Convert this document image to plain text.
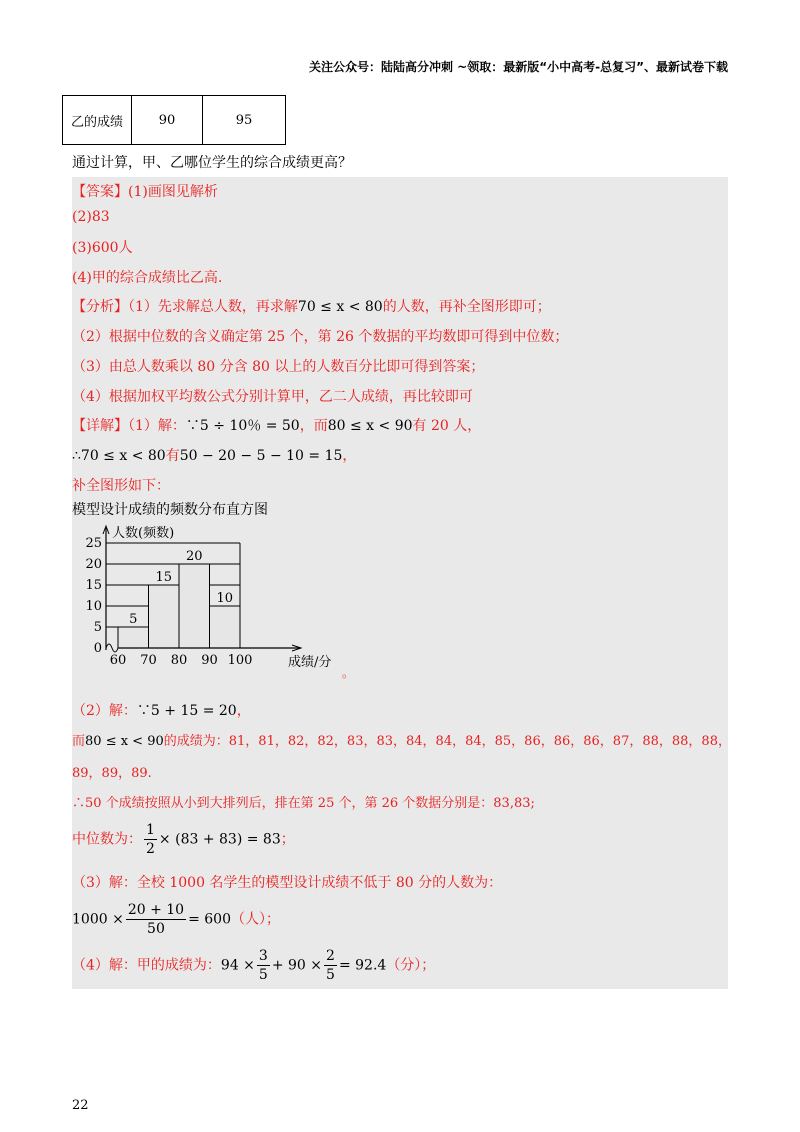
关注公众号：陆陆高分冲刺 ~领取：最新版“小中高考-总复习”、最新试卷下载
乙的成绩	90	95
通过计算，甲、乙哪位学生的综合成绩更高？
【答案】(1)画图见解析
(2)83
(3)600人
(4)甲的综合成绩比乙高.
【分析】（1）先求解总人数，再求解70 ≤ x < 80的人数，再补全图形即可；
（2）根据中位数的含义确定第 25 个，第 26 个数据的平均数即可得到中位数；
（3）由总人数乘以 80 分含 80 以上的人数百分比即可得到答案；
（4）根据加权平均数公式分别计算甲，乙二人成绩，再比较即可
【详解】（1）解：∵5 ÷ 10％ = 50，而80 ≤ x < 90有 20 人，
∴70 ≤ x < 80有50 − 20 − 5 − 10 = 15，
补全图形如下：
模型设计成绩的频数分布直方图
0
5
10
15
20
25
5
15
20
10
60 70 80 90 100
人数(频数)
成绩/分
。
（2）解：∵5 + 15 = 20，
而80 ≤ x < 90的成绩为：81，81，82，82，83，83，84，84，84，85，86，86，86，87，88，88，88，
89，89，89.
∴50 个成绩按照从小到大排列后，排在第 25 个，第 26 个数据分别是：83,83;
中位数为： $\frac{1}{2} \times (83 + 83) = 83$；
（3）解：全校 1000 名学生的模型设计成绩不低于 80 分的人数为：
$1000 \times \frac{20 + 10}{50} = 600$（人）；
（4）解：甲的成绩为：$94 \times \frac{3}{5} + 90 \times \frac{2}{5} = 92.4$（分）；
22
